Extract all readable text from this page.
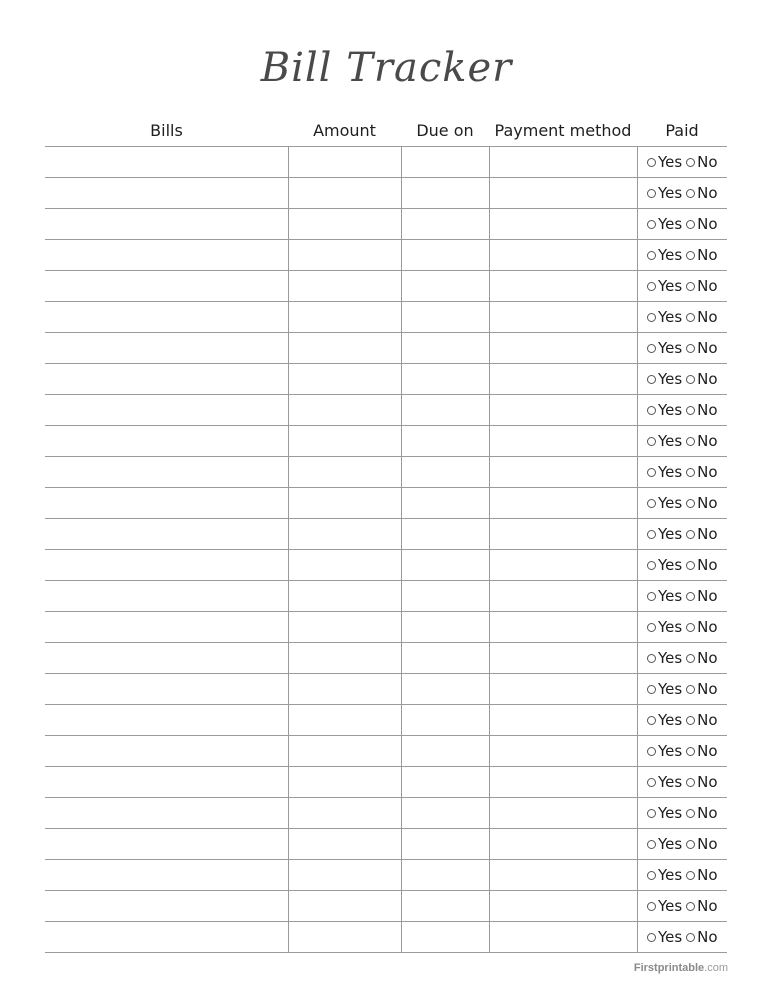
Bill Tracker
Bills	Amount	Due on	Payment method	Paid

				Yes No

				Yes No

				Yes No

				Yes No

				Yes No

				Yes No

				Yes No

				Yes No

				Yes No

				Yes No

				Yes No

				Yes No

				Yes No

				Yes No

				Yes No

				Yes No

				Yes No

				Yes No

				Yes No

				Yes No

				Yes No

				Yes No

				Yes No

				Yes No

				Yes No

				Yes No
Firstprintable.com
